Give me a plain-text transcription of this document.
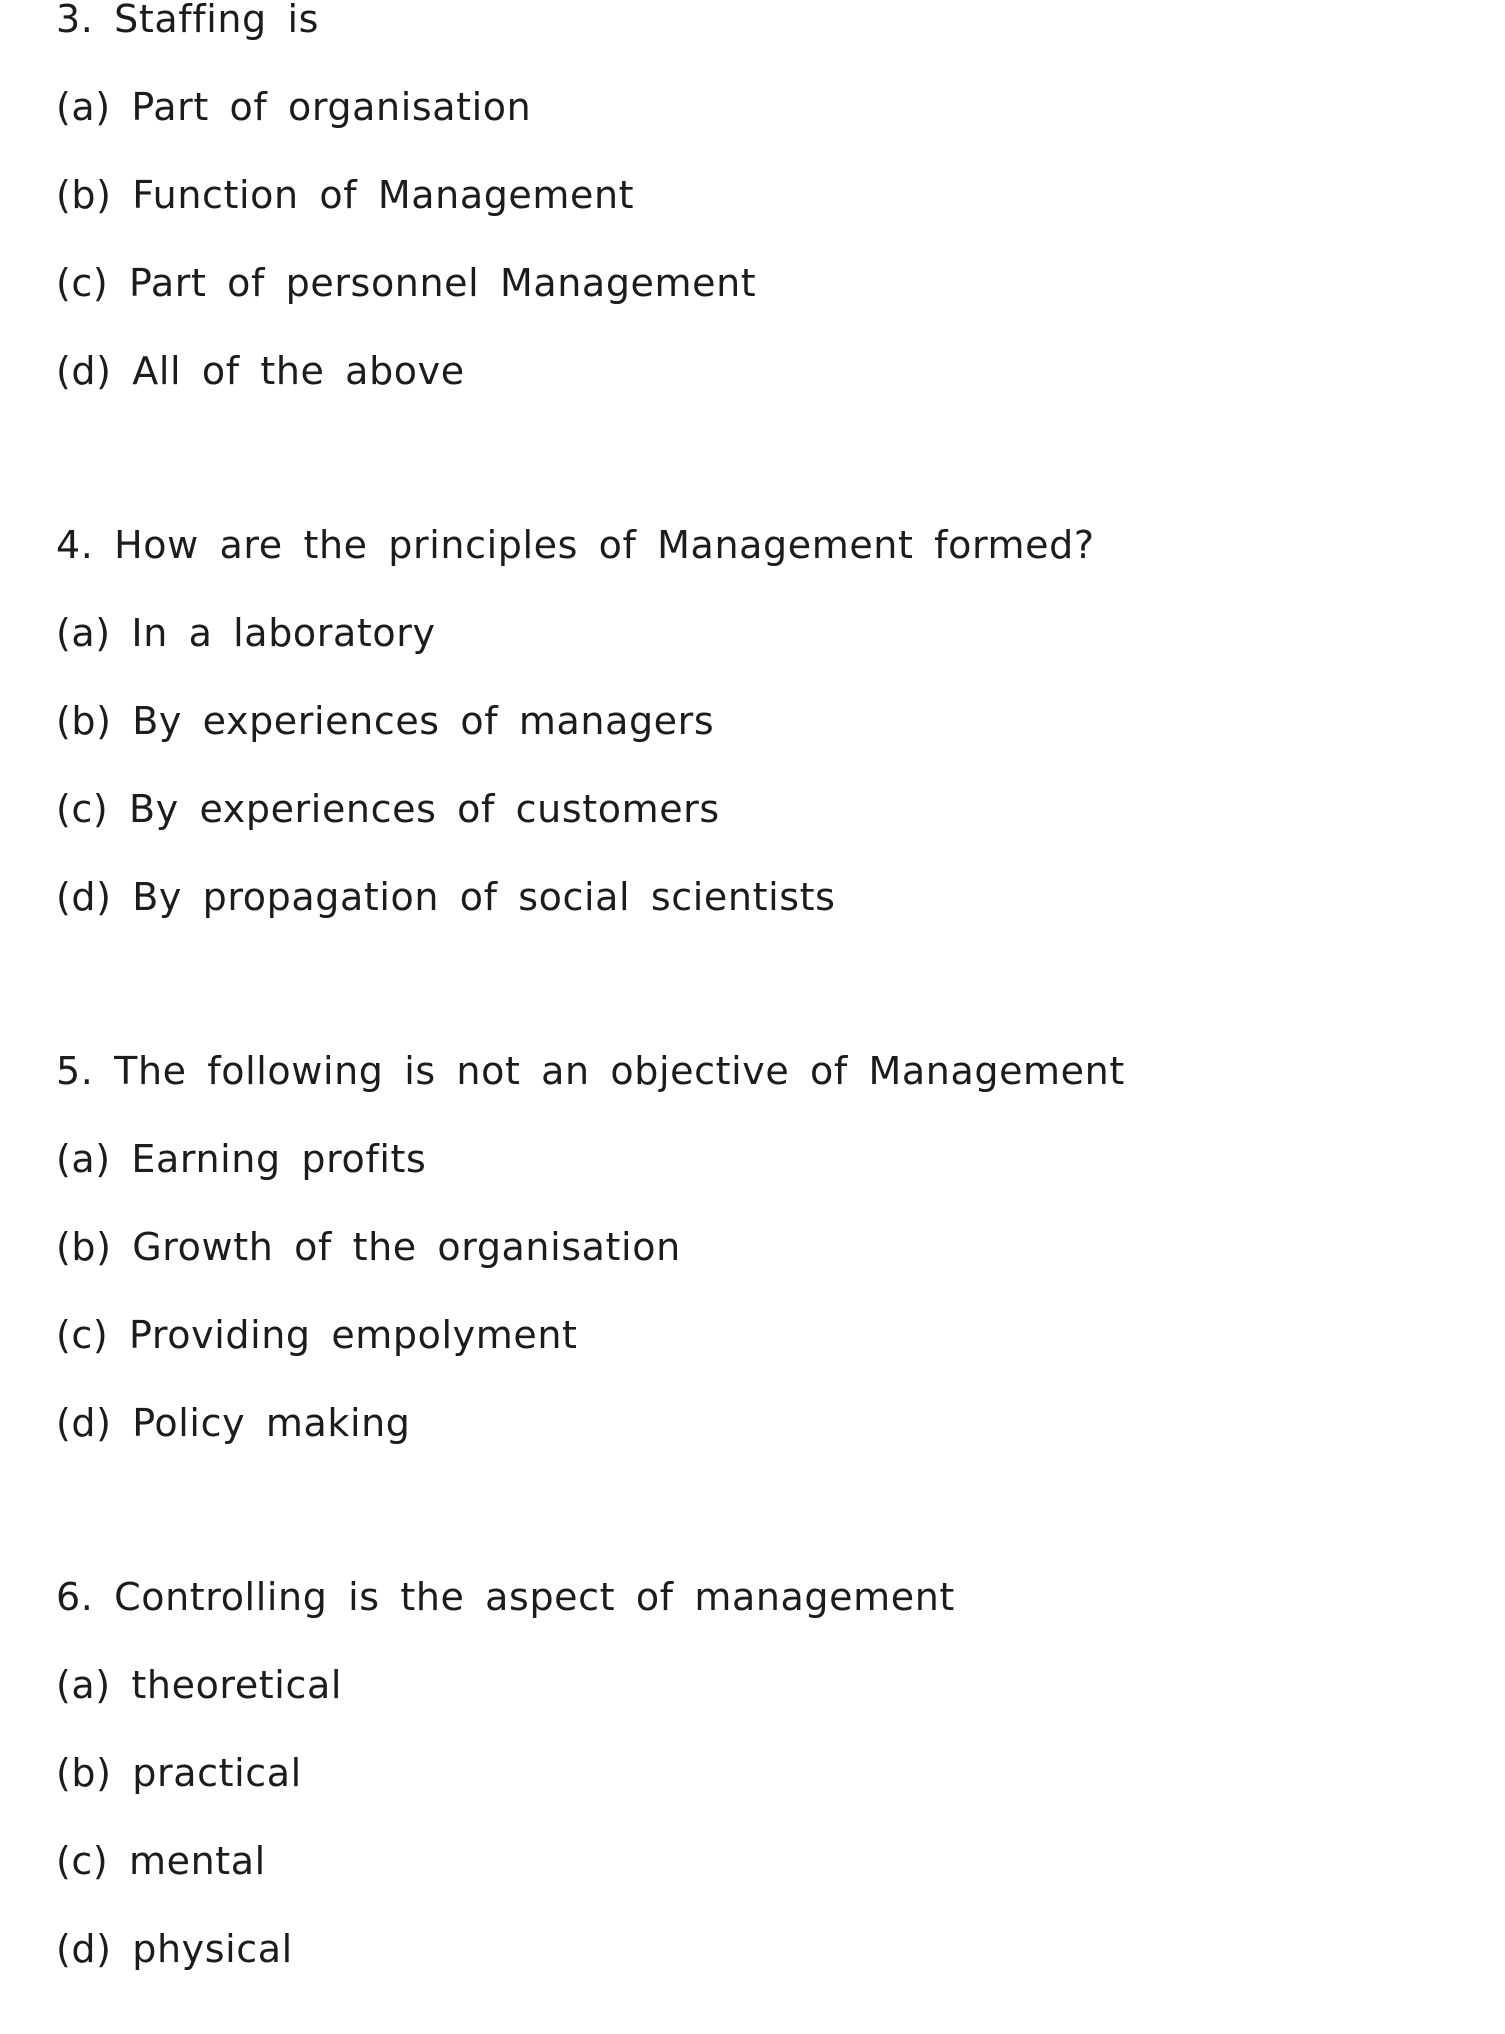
3. Staffing is
(a) Part of organisation
(b) Function of Management
(c) Part of personnel Management
(d) All of the above
4. How are the principles of Management formed?
(a) In a laboratory
(b) By experiences of managers
(c) By experiences of customers
(d) By propagation of social scientists
5. The following is not an objective of Management
(a) Earning profits
(b) Growth of the organisation
(c) Providing empolyment
(d) Policy making
6. Controlling is the aspect of management
(a) theoretical
(b) practical
(c) mental
(d) physical
